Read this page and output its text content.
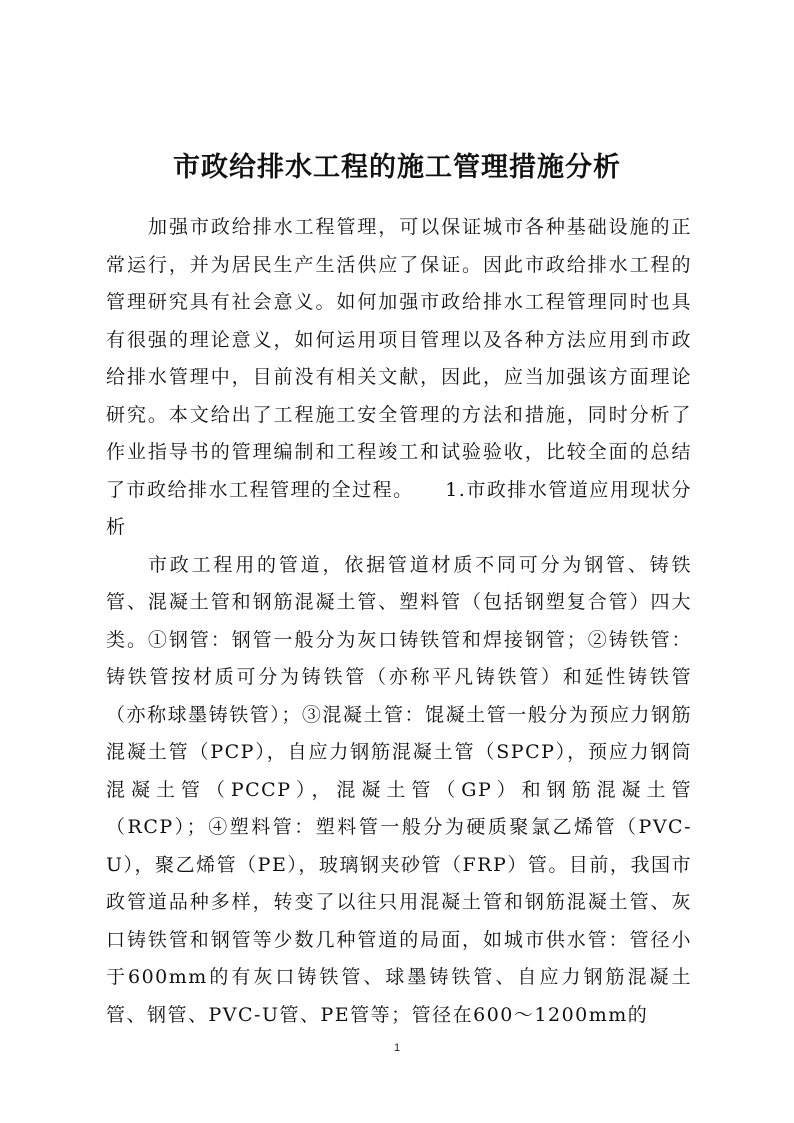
市政给排水工程的施工管理措施分析

加强市政给排水工程管理，可以保证城市各种基础设施的正常运行，并为居民生产生活供应了保证。因此市政给排水工程的管理研究具有社会意义。如何加强市政给排水工程管理同时也具有很强的理论意义，如何运用项目管理以及各种方法应用到市政给排水管理中，目前没有相关文献，因此，应当加强该方面理论研究。本文给出了工程施工安全管理的方法和措施，同时分析了作业指导书的管理编制和工程竣工和试验验收，比较全面的总结了市政给排水工程管理的全过程。　　1.市政排水管道应用现状分析

市政工程用的管道，依据管道材质不同可分为钢管、铸铁管、混凝土管和钢筋混凝土管、塑料管（包括钢塑复合管）四大类。①钢管：钢管一般分为灰口铸铁管和焊接钢管；②铸铁管：铸铁管按材质可分为铸铁管（亦称平凡铸铁管）和延性铸铁管（亦称球墨铸铁管）；③混凝土管：馄凝土管一般分为预应力钢筋混凝土管（PCP），自应力钢筋混凝土管（SPCP），预应力钢筒混凝土管（PCCP），混凝土管（GP）和钢筋混凝土管（RCP）；④塑料管：塑料管一般分为硬质聚氯乙烯管（PVC-U），聚乙烯管（PE），玻璃钢夹砂管（FRP）管。目前，我国市政管道品种多样，转变了以往只用混凝土管和钢筋混凝土管、灰口铸铁管和钢管等少数几种管道的局面，如城市供水管：管径小于600mm的有灰口铸铁管、球墨铸铁管、自应力钢筋混凝土管、钢管、PVC-U管、PE管等；管径在600～1200mm的

1
